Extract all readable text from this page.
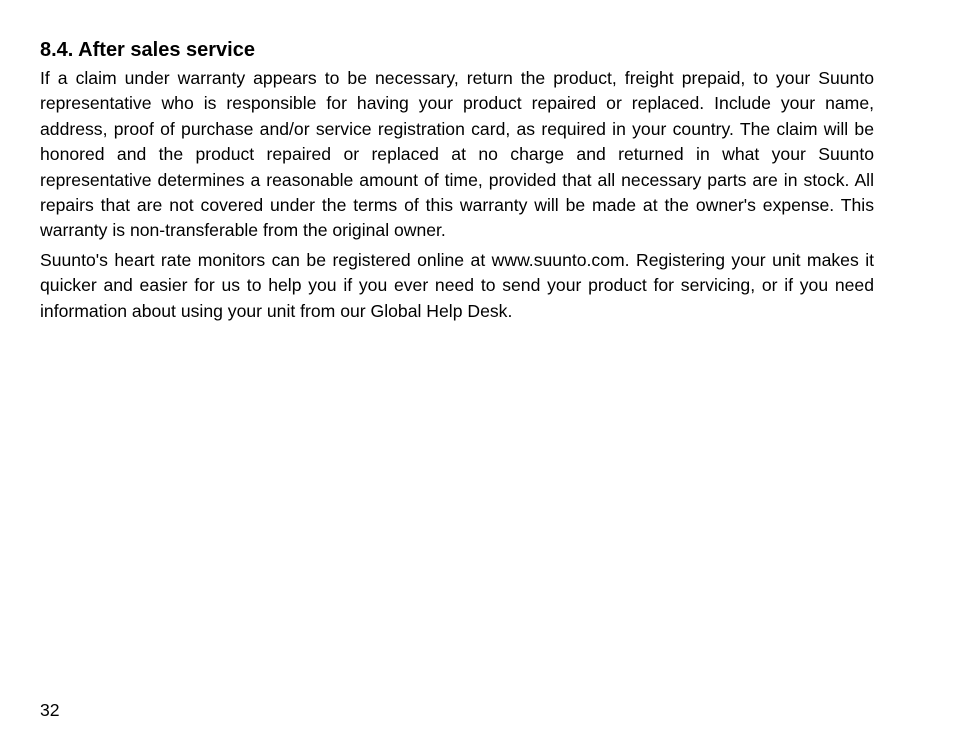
8.4. After sales service

If a claim under warranty appears to be necessary, return the product, freight prepaid, to your Suunto representative who is responsible for having your product repaired or replaced. Include your name, address, proof of purchase and/or service registration card, as required in your country. The claim will be honored and the product repaired or replaced at no charge and returned in what your Suunto representative determines a reasonable amount of time, provided that all necessary parts are in stock. All repairs that are not covered under the terms of this warranty will be made at the owner's expense. This warranty is non-transferable from the original owner.

Suunto's heart rate monitors can be registered online at www.suunto.com. Registering your unit makes it quicker and easier for us to help you if you ever need to send your product for servicing, or if you need information about using your unit from our Global Help Desk.

32
